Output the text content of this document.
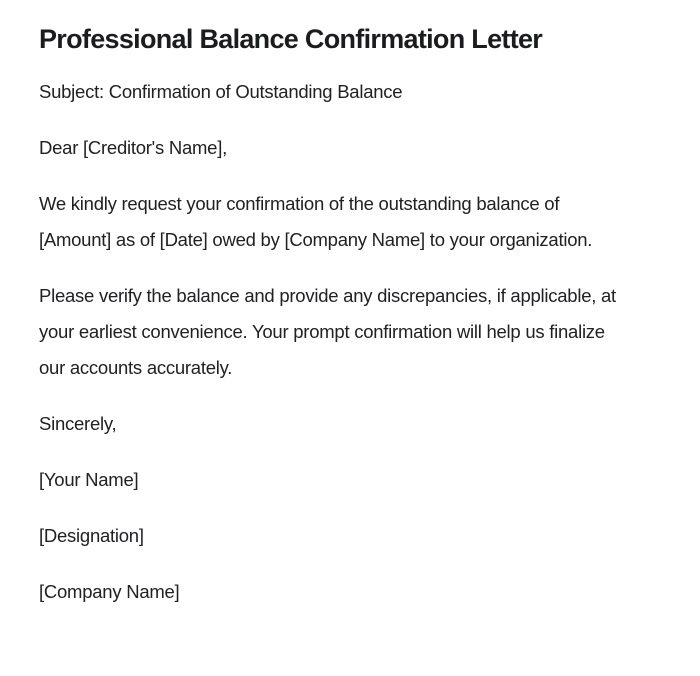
Professional Balance Confirmation Letter

Subject: Confirmation of Outstanding Balance

Dear [Creditor's Name],

We kindly request your confirmation of the outstanding balance of [Amount] as of [Date] owed by [Company Name] to your organization.

Please verify the balance and provide any discrepancies, if applicable, at your earliest convenience. Your prompt confirmation will help us finalize our accounts accurately.

Sincerely,

[Your Name]

[Designation]

[Company Name]
